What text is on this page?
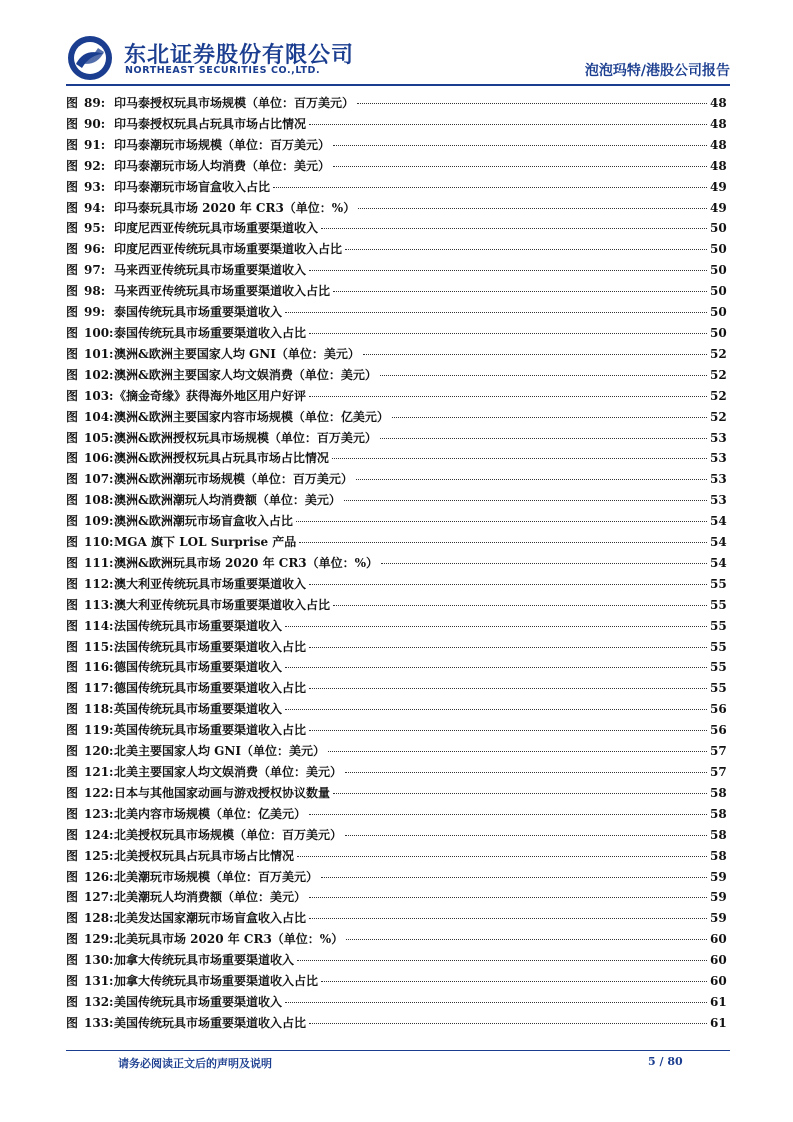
东北证券股份有限公司
NORTHEAST SECURITIES CO.,LTD.	泡泡玛特/港股公司报告
图 89: 印马泰授权玩具市场规模（单位：百万美元）	48
图 90: 印马泰授权玩具占玩具市场占比情况	48
图 91: 印马泰潮玩市场规模（单位：百万美元）	48
图 92: 印马泰潮玩市场人均消费（单位：美元）	48
图 93: 印马泰潮玩市场盲盒收入占比	49
图 94: 印马泰玩具市场 2020 年 CR3（单位：%）	49
图 95: 印度尼西亚传统玩具市场重要渠道收入	50
图 96: 印度尼西亚传统玩具市场重要渠道收入占比	50
图 97: 马来西亚传统玩具市场重要渠道收入	50
图 98: 马来西亚传统玩具市场重要渠道收入占比	50
图 99: 泰国传统玩具市场重要渠道收入	50
图 100: 泰国传统玩具市场重要渠道收入占比	50
图 101: 澳洲&欧洲主要国家人均 GNI（单位：美元）	52
图 102: 澳洲&欧洲主要国家人均文娱消费（单位：美元）	52
图 103: 《摘金奇缘》获得海外地区用户好评	52
图 104: 澳洲&欧洲主要国家内容市场规模（单位：亿美元）	52
图 105: 澳洲&欧洲授权玩具市场规模（单位：百万美元）	53
图 106: 澳洲&欧洲授权玩具占玩具市场占比情况	53
图 107: 澳洲&欧洲潮玩市场规模（单位：百万美元）	53
图 108: 澳洲&欧洲潮玩人均消费额（单位：美元）	53
图 109: 澳洲&欧洲潮玩市场盲盒收入占比	54
图 110: MGA 旗下 LOL Surprise 产品	54
图 111: 澳洲&欧洲玩具市场 2020 年 CR3（单位：%）	54
图 112: 澳大利亚传统玩具市场重要渠道收入	55
图 113: 澳大利亚传统玩具市场重要渠道收入占比	55
图 114: 法国传统玩具市场重要渠道收入	55
图 115: 法国传统玩具市场重要渠道收入占比	55
图 116: 德国传统玩具市场重要渠道收入	55
图 117: 德国传统玩具市场重要渠道收入占比	55
图 118: 英国传统玩具市场重要渠道收入	56
图 119: 英国传统玩具市场重要渠道收入占比	56
图 120: 北美主要国家人均 GNI（单位：美元）	57
图 121: 北美主要国家人均文娱消费（单位：美元）	57
图 122: 日本与其他国家动画与游戏授权协议数量	58
图 123: 北美内容市场规模（单位：亿美元）	58
图 124: 北美授权玩具市场规模（单位：百万美元）	58
图 125: 北美授权玩具占玩具市场占比情况	58
图 126: 北美潮玩市场规模（单位：百万美元）	59
图 127: 北美潮玩人均消费额（单位：美元）	59
图 128: 北美发达国家潮玩市场盲盒收入占比	59
图 129: 北美玩具市场 2020 年 CR3（单位：%）	60
图 130: 加拿大传统玩具市场重要渠道收入	60
图 131: 加拿大传统玩具市场重要渠道收入占比	60
图 132: 美国传统玩具市场重要渠道收入	61
图 133: 美国传统玩具市场重要渠道收入占比	61
请务必阅读正文后的声明及说明	5 / 80
